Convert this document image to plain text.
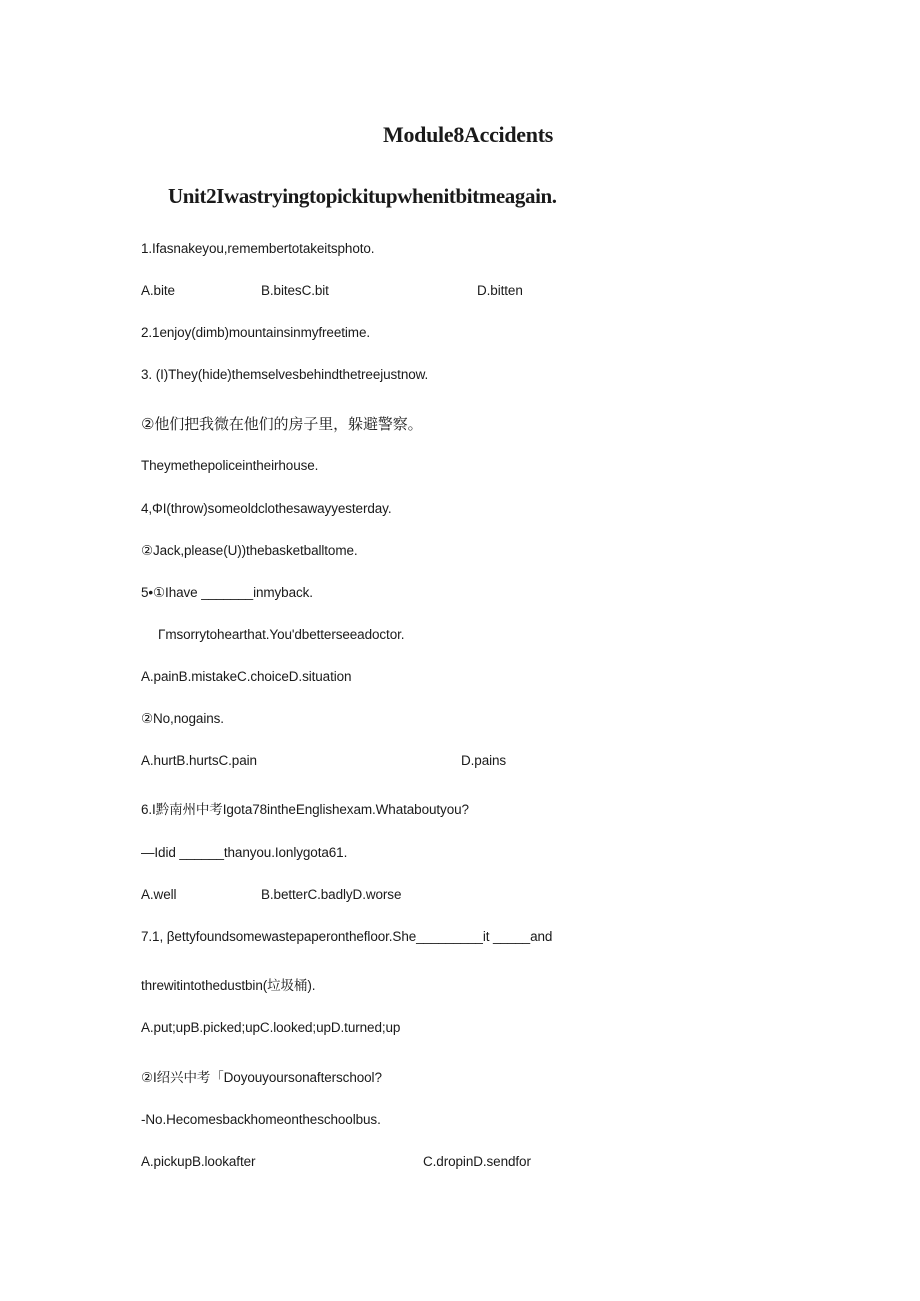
Module8Accidents
Unit2Iwastryingtopickitupwhenitbitmeagain.
1.Ifasnakeyou,remembertotakeitsphoto.
A.bite	B.bitesC.bit	D.bitten
2.1enjoy(dimb)mountainsinmyfreetime.
3. (I)They(hide)themselvesbehindthetreejustnow.
②他们把我微在他们的房子里，躲避警察。
Theymethepoliceintheirhouse.
4,ΦI(throw)someoldclothesawayyesterday.
②Jack,please(U))thebasketballtome.
5•①Ihave _______inmyback.
Γmsorrytohearthat.You'dbetterseeadoctor.
A.painB.mistakeC.choiceD.situation
②No,nogains.
A.hurtB.hurtsC.pain	D.pains
6.I黔南州中考Igota78intheEnglishexam.Whataboutyou?
—Idid ______thanyou.Ionlygota61.
A.well	B.betterC.badlyD.worse
7.1, βettyfoundsomewastepaperonthefloor.She_________it _____and
threwitintothedustbin(垃圾桶).
A.put;upB.picked;upC.looked;upD.turned;up
②I绍兴中考「Doyouyoursonafterschool?
-No.Hecomesbackhomeontheschoolbus.
A.pickupB.lookafter	C.dropinD.sendfor
